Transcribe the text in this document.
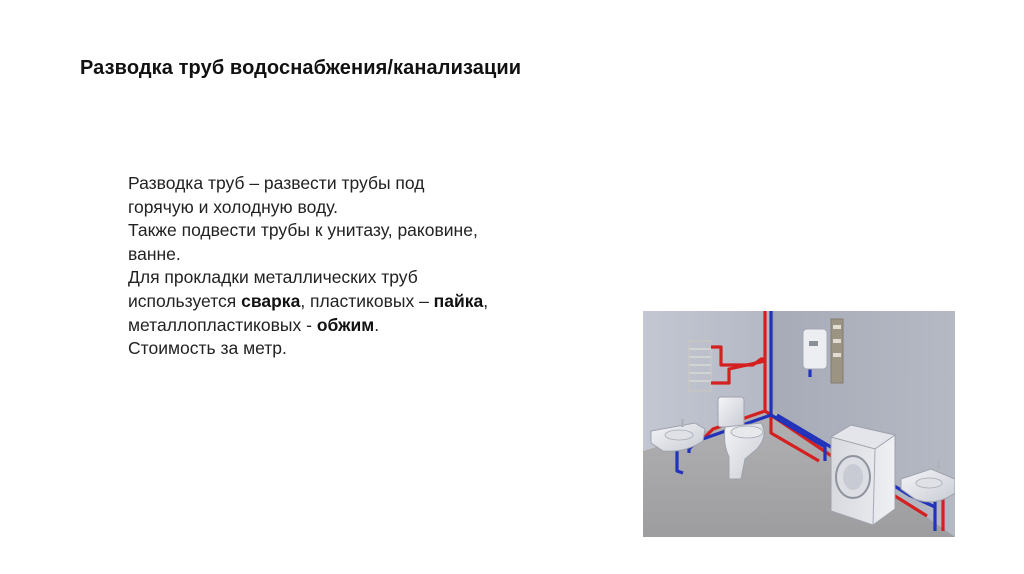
Разводка труб водоснабжения/канализации

Разводка труб – развести трубы под
горячую и холодную воду.

Также подвести трубы к унитазу, раковине,
ванне.

Для прокладки металлических труб
используется сварка, пластиковых – пайка,
металлопластиковых - обжим.

Стоимость за метр.
